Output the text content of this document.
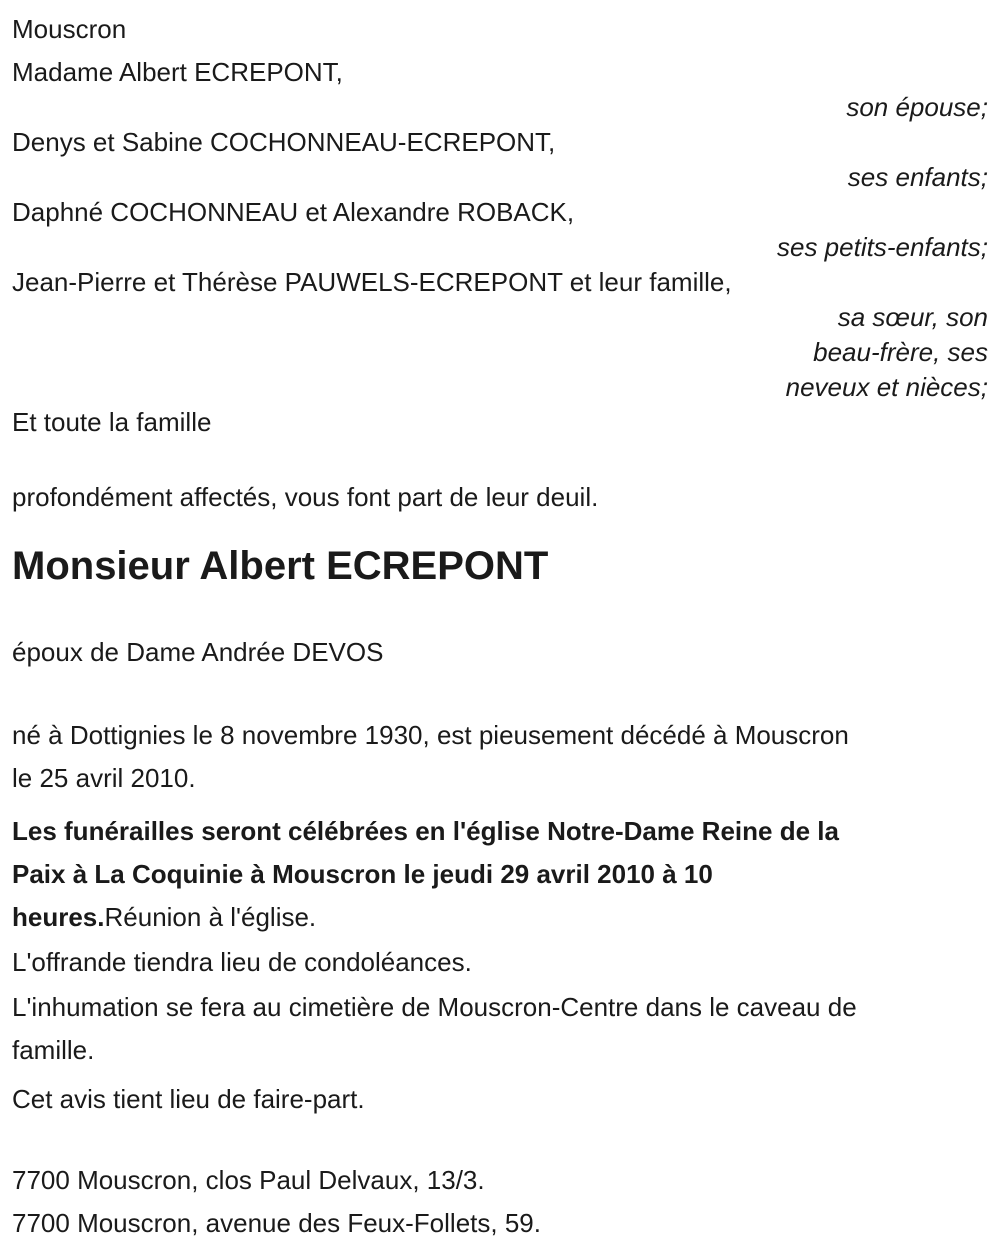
Mouscron
Madame Albert ECREPONT,
son épouse;
Denys et Sabine COCHONNEAU-ECREPONT,
ses enfants;
Daphné COCHONNEAU et Alexandre ROBACK,
ses petits-enfants;
Jean-Pierre et Thérèse PAUWELS-ECREPONT et leur famille,
sa sœur, son
beau-frère, ses
neveux et nièces;
Et toute la famille

profondément affectés, vous font part de leur deuil.

Monsieur Albert ECREPONT

époux de Dame Andrée DEVOS

né à Dottignies le 8 novembre 1930, est pieusement décédé à Mouscron
le 25 avril 2010.
Les funérailles seront célébrées en l'église Notre-Dame Reine de la
Paix à La Coquinie à Mouscron le jeudi 29 avril 2010 à 10
heures.Réunion à l'église.

L'offrande tiendra lieu de condoléances.

L'inhumation se fera au cimetière de Mouscron-Centre dans le caveau de
famille.

Cet avis tient lieu de faire-part.

7700 Mouscron, clos Paul Delvaux, 13/3.
7700 Mouscron, avenue des Feux-Follets, 59.
